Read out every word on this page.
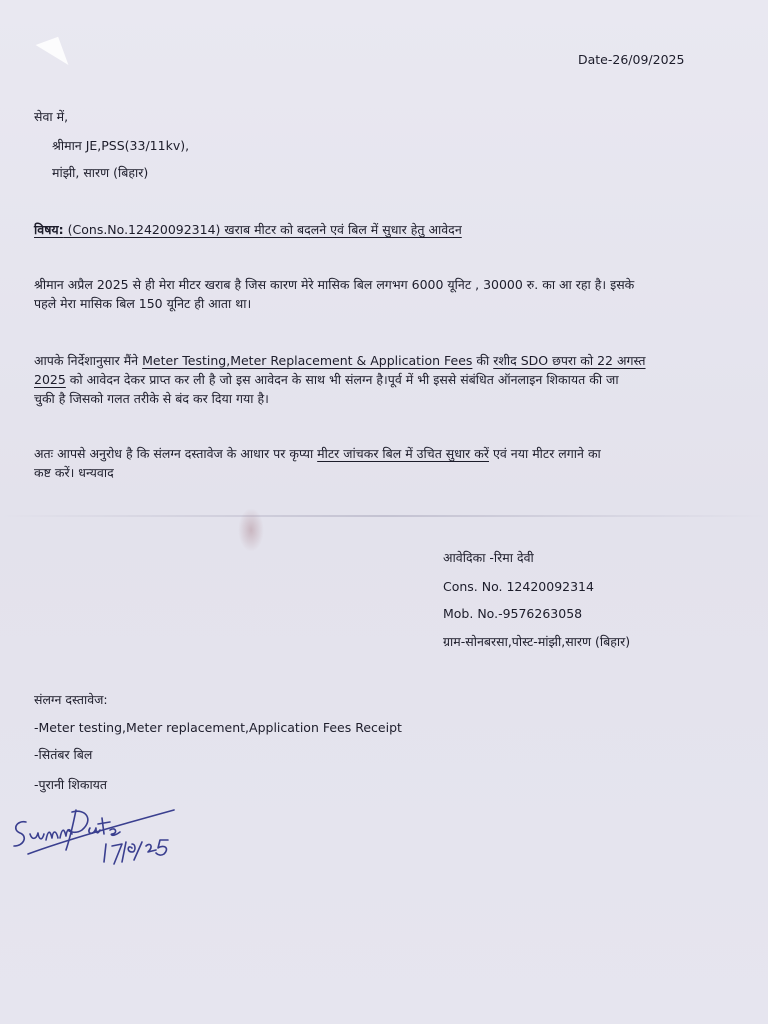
Date-26/09/2025
सेवा में,
श्रीमान JE,PSS(33/11kv),
मांझी, सारण (बिहार)
विषय: (Cons.No.12420092314) खराब मीटर को बदलने एवं बिल में सुधार हेतु आवेदन
श्रीमान अप्रैल 2025 से ही मेरा मीटर खराब है जिस कारण मेरे मासिक बिल लगभग 6000 यूनिट , 30000 रु. का आ रहा है। इसके
पहले मेरा मासिक बिल 150 यूनिट ही आता था।
आपके निर्देशानुसार मैंने Meter Testing,Meter Replacement & Application Fees की रशीद SDO छपरा को 22 अगस्त
2025 को आवेदन देकर प्राप्त कर ली है जो इस आवेदन के साथ भी संलग्न है।पूर्व में भी इससे संबंधित ऑनलाइन शिकायत की जा
चुकी है जिसको गलत तरीके से बंद कर दिया गया है।
अतः आपसे अनुरोध है कि संलग्न दस्तावेज के आधार पर कृप्या मीटर जांचकर बिल में उचित सुधार करें एवं नया मीटर लगाने का
कष्ट करें। धन्यवाद
आवेदिका -रिमा देवी
Cons. No. 12420092314
Mob. No.-9576263058
ग्राम-सोनबरसा,पोस्ट-मांझी,सारण (बिहार)
संलग्न दस्तावेज:
-Meter testing,Meter replacement,Application Fees Receipt
-सितंबर बिल
-पुरानी शिकायत
